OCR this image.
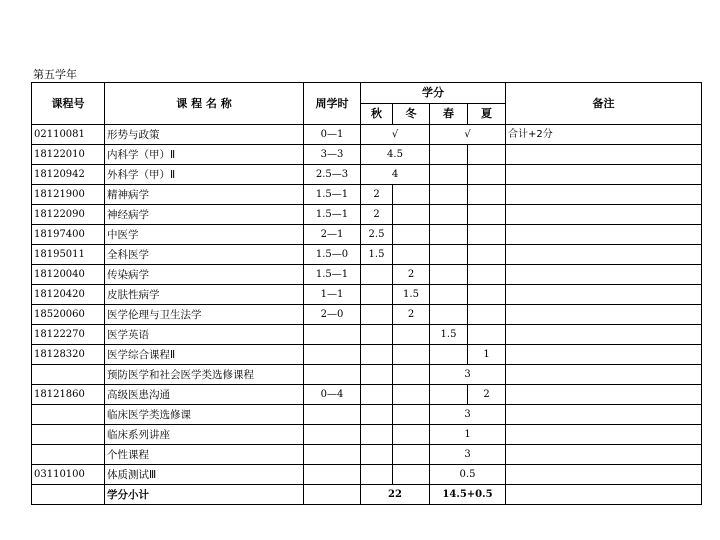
第五学年
课程号	课 程 名 称	周学时	学分				备注
			秋	冬	春	夏	
02110081	形势与政策	0—1	√		√		合计+2分
18122010	内科学（甲）Ⅱ	3—3	4.5				
18120942	外科学（甲）Ⅱ	2.5—3	4				
18121900	精神病学	1.5—1	2				
18122090	神经病学	1.5—1	2				
18197400	中医学	2—1	2.5				
18195011	全科医学	1.5—0	1.5				
18120040	传染病学	1.5—1		2			
18120420	皮肤性病学	1—1		1.5			
18520060	医学伦理与卫生法学	2—0		2			
18122270	医学英语				1.5		
18128320	医学综合课程Ⅱ					1	
	预防医学和社会医学类选修课程				3		
18121860	高级医患沟通	0—4				2	
	临床医学类选修课				3		
	临床系列讲座				1		
	个性课程				3		
03110100	体质测试Ⅲ				0.5		
	学分小计		22		14.5+0.5		
